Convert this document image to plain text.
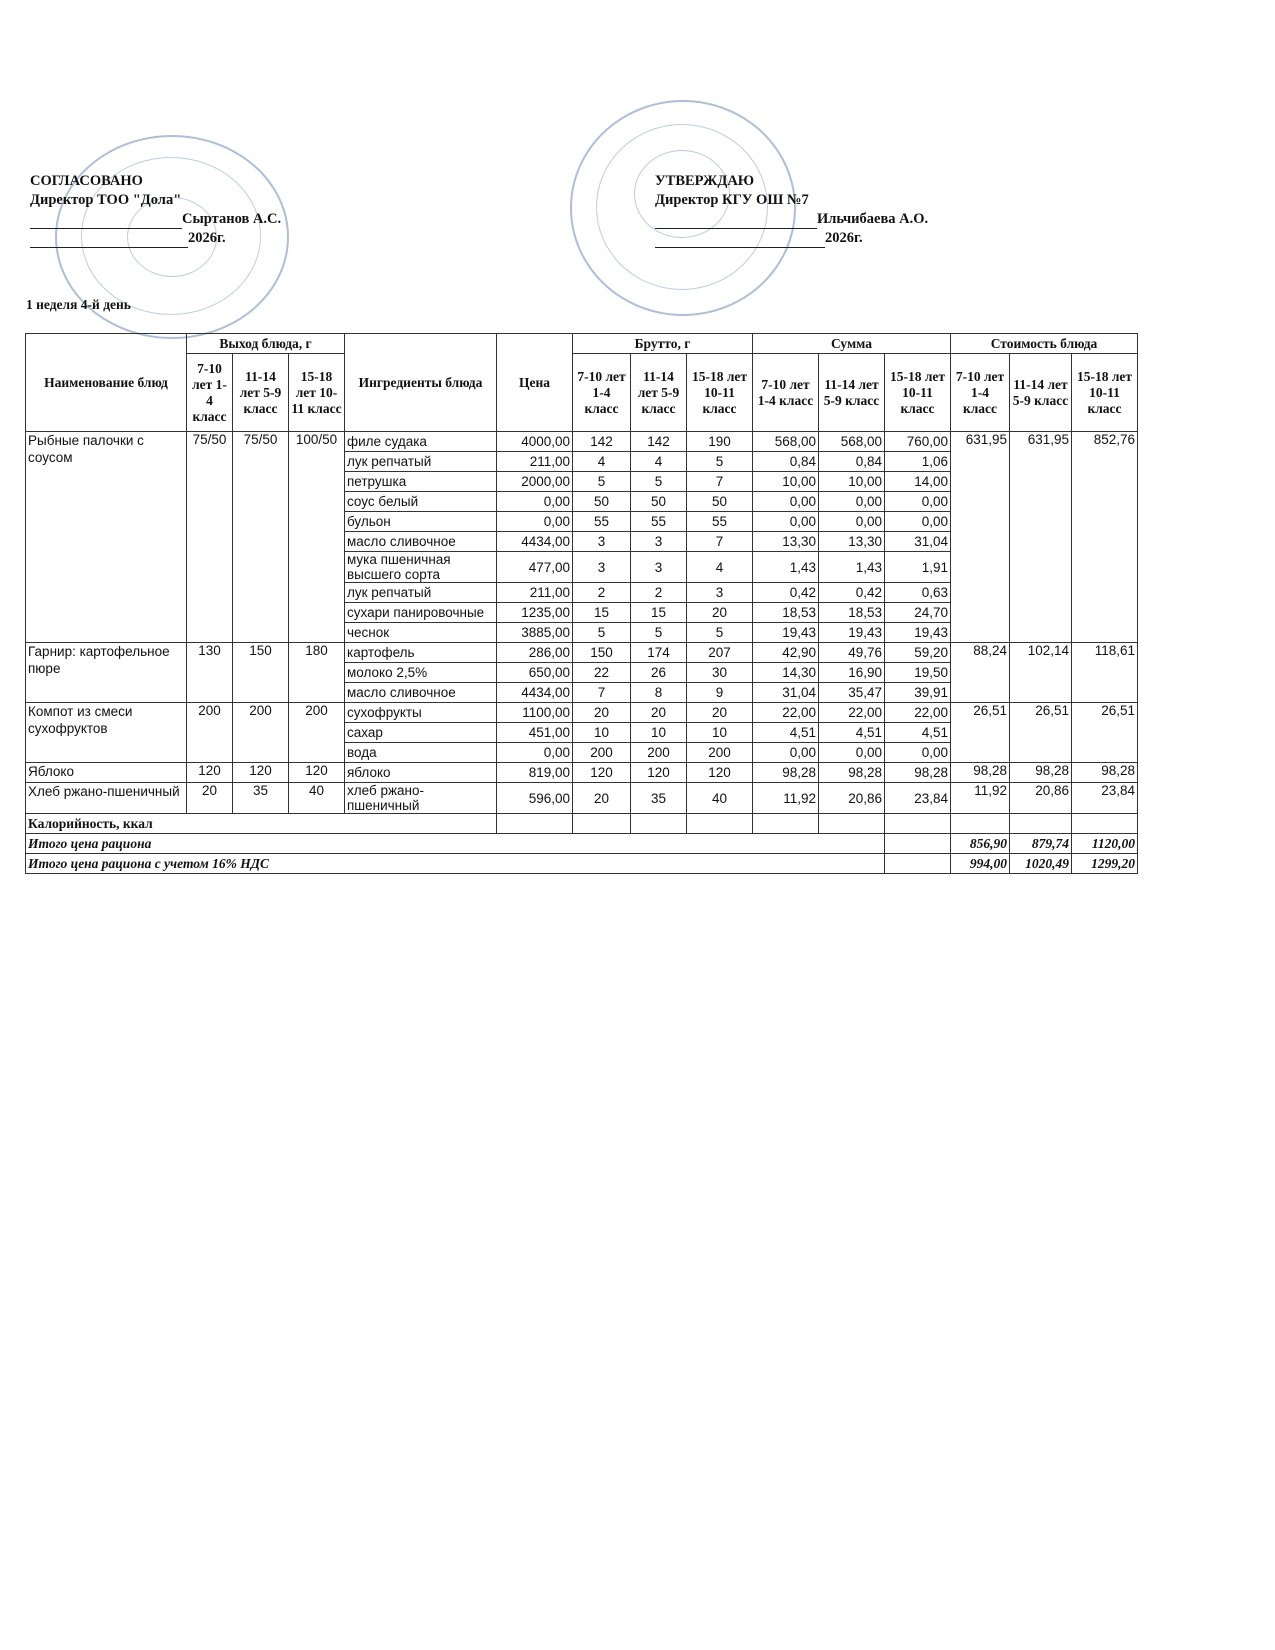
СОГЛАСОВАНО
Директор ТОО "Дола"
Сыртанов А.С.
2026г.
УТВЕРЖДАЮ
Директор КГУ ОШ №7
Ильчибаева А.О.
2026г.
1 неделя 4-й день
Наименование блюд	Выход блюда, г			Ингредиенты блюда	Цена	Брутто, г			Сумма			Стоимость блюда		
	7-10 лет 1-4 класс	11-14 лет 5-9 класс	15-18 лет 10-11 класс			7-10 лет 1-4 класс	11-14 лет 5-9 класс	15-18 лет 10-11 класс	7-10 лет 1-4 класс	11-14 лет 5-9 класс	15-18 лет 10-11 класс	7-10 лет 1-4 класс	11-14 лет 5-9 класс	15-18 лет 10-11 класс
Рыбные палочки с соусом	75/50	75/50	100/50	филе судака	4000,00	142	142	190	568,00	568,00	760,00	631,95	631,95	852,76
				лук репчатый	211,00	4	4	5	0,84	0,84	1,06			
				петрушка	2000,00	5	5	7	10,00	10,00	14,00			
				соус белый	0,00	50	50	50	0,00	0,00	0,00			
				бульон	0,00	55	55	55	0,00	0,00	0,00			
				масло сливочное	4434,00	3	3	7	13,30	13,30	31,04			
				мука пшеничная высшего сорта	477,00	3	3	4	1,43	1,43	1,91			
				лук репчатый	211,00	2	2	3	0,42	0,42	0,63			
				сухари панировочные	1235,00	15	15	20	18,53	18,53	24,70			
				чеснок	3885,00	5	5	5	19,43	19,43	19,43			
Гарнир: картофельное пюре	130	150	180	картофель	286,00	150	174	207	42,90	49,76	59,20	88,24	102,14	118,61
				молоко 2,5%	650,00	22	26	30	14,30	16,90	19,50			
				масло сливочное	4434,00	7	8	9	31,04	35,47	39,91			
Компот из смеси сухофруктов	200	200	200	сухофрукты	1100,00	20	20	20	22,00	22,00	22,00	26,51	26,51	26,51
				сахар	451,00	10	10	10	4,51	4,51	4,51			
				вода	0,00	200	200	200	0,00	0,00	0,00			
Яблоко	120	120	120	яблоко	819,00	120	120	120	98,28	98,28	98,28	98,28	98,28	98,28
Хлеб ржано-пшеничный	20	35	40	хлеб ржано-пшеничный	596,00	20	35	40	11,92	20,86	23,84	11,92	20,86	23,84
Калорийность, ккал														
Итого цена рациона												856,90	879,74	1120,00
Итого цена рациона с учетом 16% НДС												994,00	1020,49	1299,20
